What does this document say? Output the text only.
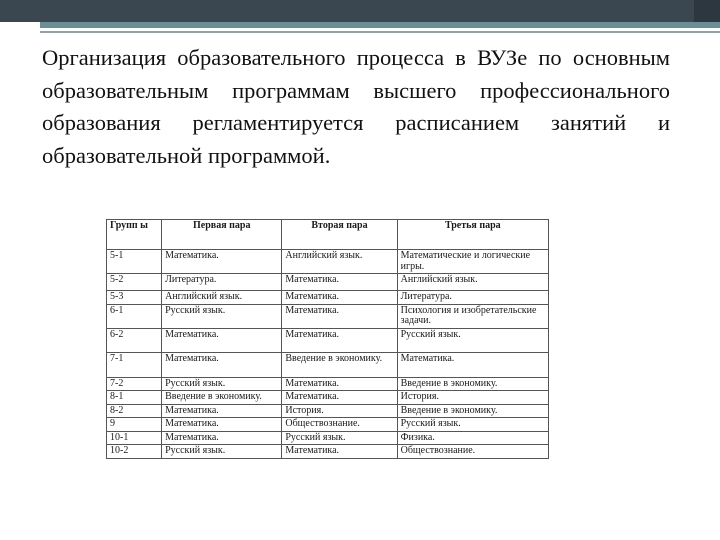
Организация образовательного процесса в ВУЗе по основным образовательным программам высшего профессионального образования регламентируется расписанием занятий и образовательной программой.

Групп ы	Первая пара	Вторая пара	Третья пара
5-1	Математика.	Английский язык.	Математические и логические игры.
5-2	Литература.	Математика.	Английский язык.
5-3	Английский язык.	Математика.	Литература.
6-1	Русский язык.	Математика.	Психология и изобретательские задачи.
6-2	Математика.	Математика.	Русский язык.
7-1	Математика.	Введение в экономику.	Математика.
7-2	Русский язык.	Математика.	Введение в экономику.
8-1	Введение в экономику.	Математика.	История.
8-2	Математика.	История.	Введение в экономику.
9	Математика.	Обществознание.	Русский язык.
10-1	Математика.	Русский язык.	Физика.
10-2	Русский язык.	Математика.	Обществознание.
